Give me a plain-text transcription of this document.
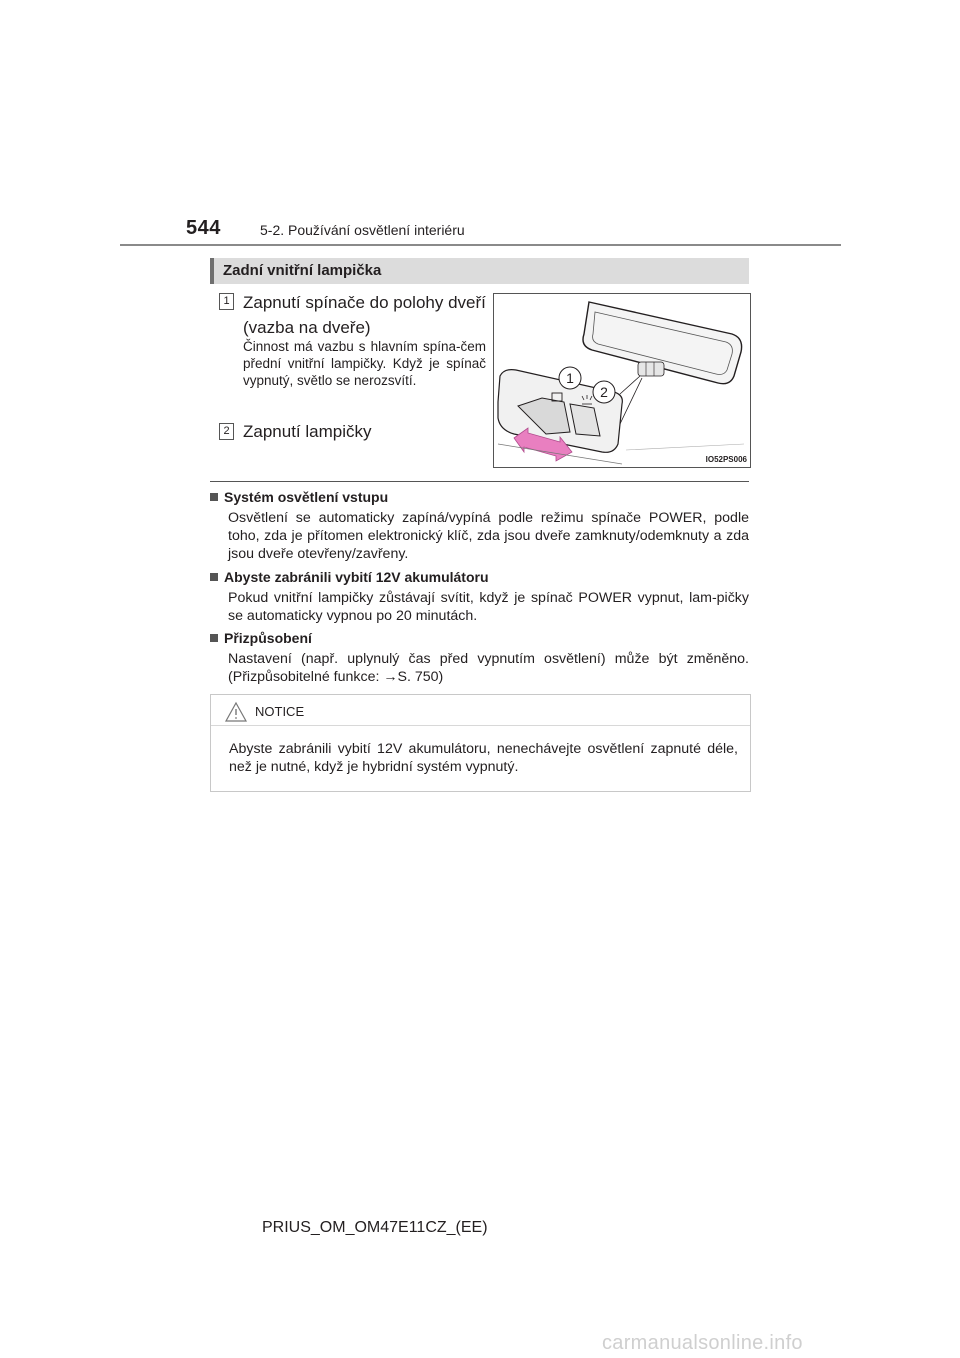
544	5-2. Používání osvětlení interiéru
Zadní vnitřní lampička
1 Zapnutí spínače do polohy dveří (vazba na dveře)
Činnost má vazbu s hlavním spína-čem přední vnitřní lampičky. Když je spínač vypnutý, světlo se nerozsvítí.
2 Zapnutí lampičky
1
2
IO52PS006
Systém osvětlení vstupu
Osvětlení se automaticky zapíná/vypíná podle režimu spínače POWER, podle toho, zda je přítomen elektronický klíč, zda jsou dveře zamknuty/odemknuty a zda jsou dveře otevřeny/zavřeny.
Abyste zabránili vybití 12V akumulátoru
Pokud vnitřní lampičky zůstávají svítit, když je spínač POWER vypnut, lam-pičky se automaticky vypnou po 20 minutách.
Přizpůsobení
Nastavení (např. uplynulý čas před vypnutím osvětlení) může být změněno. (Přizpůsobitelné funkce: →S. 750)
NOTICE
Abyste zabránili vybití 12V akumulátoru, nenechávejte osvětlení zapnuté déle, než je nutné, když je hybridní systém vypnutý.
PRIUS_OM_OM47E11CZ_(EE)
carmanualsonline.info
